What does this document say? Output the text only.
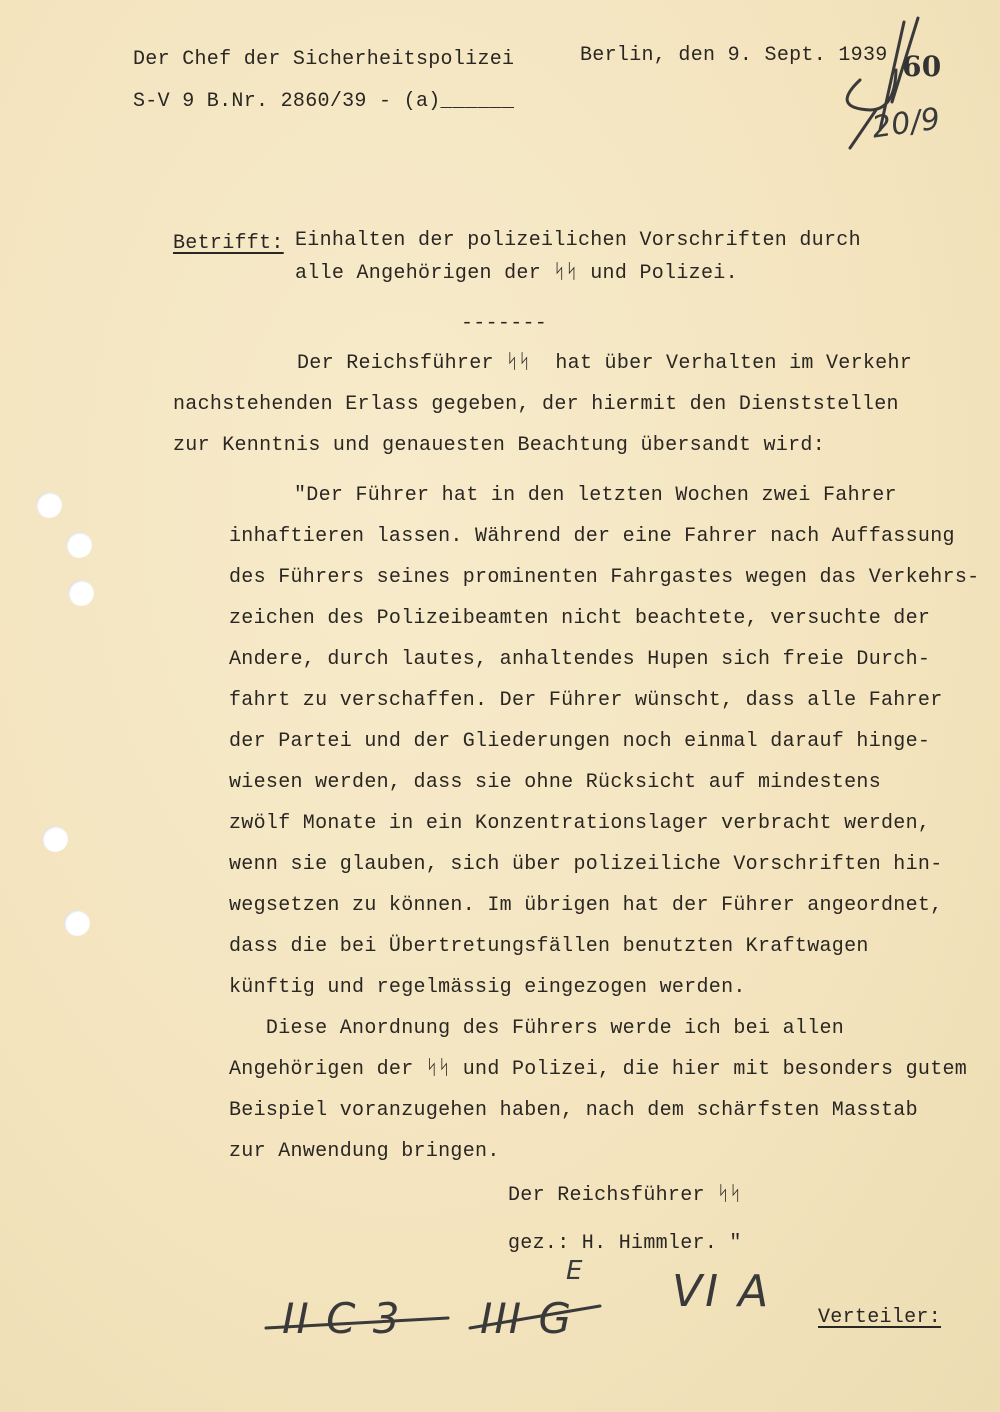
Der Chef der Sicherheitspolizei
S-V 9 B.Nr. 2860/39 - (a)______
Berlin, den 9. Sept. 1939 60
20/9
Betrifft: Einhalten der polizeilichen Vorschriften durch
alle Angehörigen der ᛋᛋ und Polizei.
-------
Der Reichsführer ᛋᛋ  hat über Verhalten im Verkehr
nachstehenden Erlass gegeben, der hiermit den Dienststellen
zur Kenntnis und genauesten Beachtung übersandt wird:
"Der Führer hat in den letzten Wochen zwei Fahrer
inhaftieren lassen. Während der eine Fahrer nach Auffassung
des Führers seines prominenten Fahrgastes wegen das Verkehrs-
zeichen des Polizeibeamten nicht beachtete, versuchte der
Andere, durch lautes, anhaltendes Hupen sich freie Durch-
fahrt zu verschaffen. Der Führer wünscht, dass alle Fahrer
der Partei und der Gliederungen noch einmal darauf hinge-
wiesen werden, dass sie ohne Rücksicht auf mindestens
zwölf Monate in ein Konzentrationslager verbracht werden,
wenn sie glauben, sich über polizeiliche Vorschriften hin-
wegsetzen zu können. Im übrigen hat der Führer angeordnet,
dass die bei Übertretungsfällen benutzten Kraftwagen
künftig und regelmässig eingezogen werden.
Diese Anordnung des Führers werde ich bei allen
Angehörigen der ᛋᛋ und Polizei, die hier mit besonders gutem
Beispiel voranzugehen haben, nach dem schärfsten Masstab
zur Anwendung bringen.
Der Reichsführer ᛋᛋ
gez.: H. Himmler. "
II C 3 III G
E VI A
Verteiler:
